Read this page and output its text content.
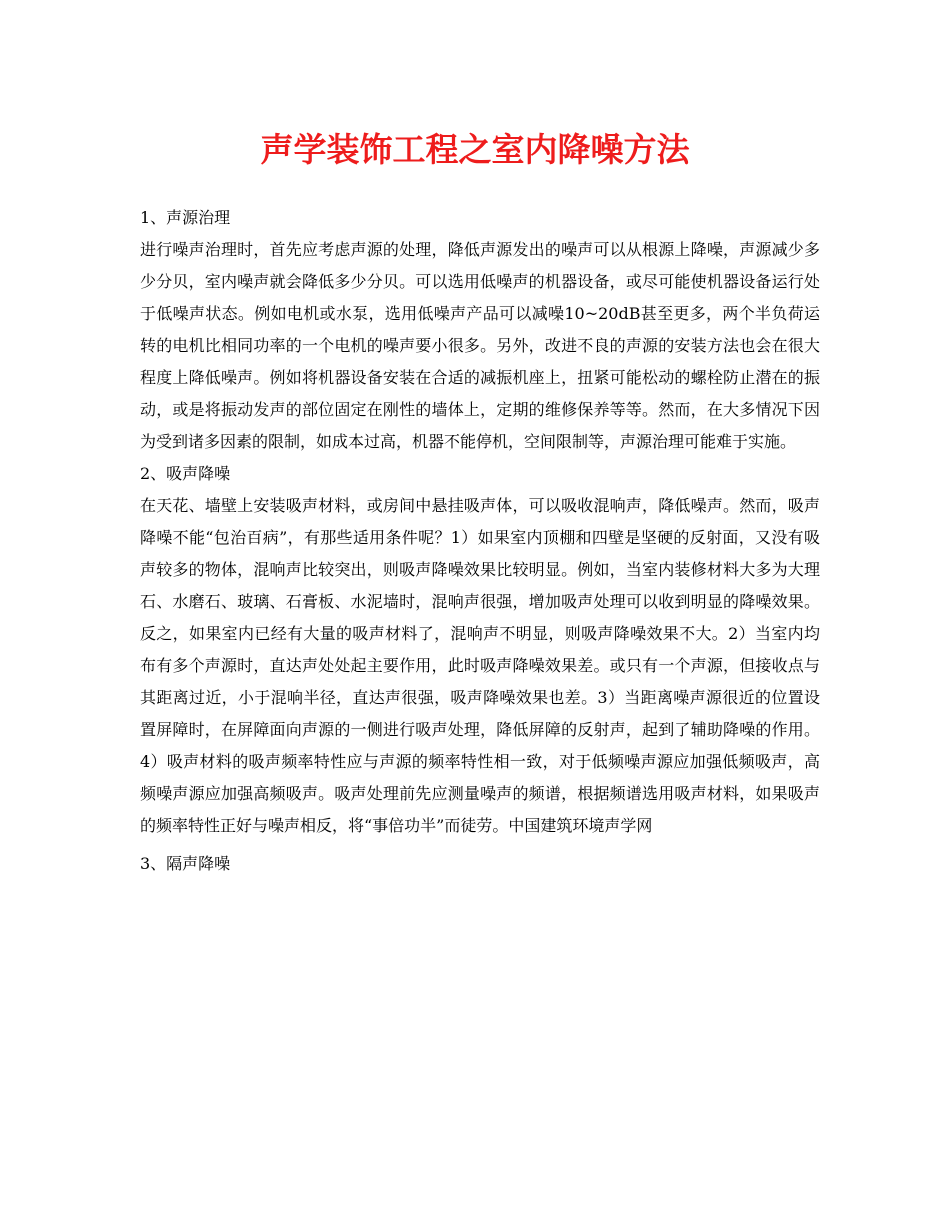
声学装饰工程之室内降噪方法

1、声源治理

进行噪声治理时，首先应考虑声源的处理，降低声源发出的噪声可以从根源上降噪，声源减少多少分贝，室内噪声就会降低多少分贝。可以选用低噪声的机器设备，或尽可能使机器设备运行处于低噪声状态。例如电机或水泵，选用低噪声产品可以减噪10~20dB甚至更多，两个半负荷运转的电机比相同功率的一个电机的噪声要小很多。另外，改进不良的声源的安装方法也会在很大程度上降低噪声。例如将机器设备安装在合适的减振机座上，扭紧可能松动的螺栓防止潜在的振动，或是将振动发声的部位固定在刚性的墙体上，定期的维修保养等等。然而，在大多情况下因为受到诸多因素的限制，如成本过高，机器不能停机，空间限制等，声源治理可能难于实施。

2、吸声降噪

在天花、墙壁上安装吸声材料，或房间中悬挂吸声体，可以吸收混响声，降低噪声。然而，吸声降噪不能“包治百病”，有那些适用条件呢？1）如果室内顶棚和四壁是坚硬的反射面，又没有吸声较多的物体，混响声比较突出，则吸声降噪效果比较明显。例如，当室内装修材料大多为大理石、水磨石、玻璃、石膏板、水泥墙时，混响声很强，增加吸声处理可以收到明显的降噪效果。反之，如果室内已经有大量的吸声材料了，混响声不明显，则吸声降噪效果不大。2）当室内均布有多个声源时，直达声处处起主要作用，此时吸声降噪效果差。或只有一个声源，但接收点与其距离过近，小于混响半径，直达声很强，吸声降噪效果也差。3）当距离噪声源很近的位置设置屏障时，在屏障面向声源的一侧进行吸声处理，降低屏障的反射声，起到了辅助降噪的作用。4）吸声材料的吸声频率特性应与声源的频率特性相一致，对于低频噪声源应加强低频吸声，高频噪声源应加强高频吸声。吸声处理前先应测量噪声的频谱，根据频谱选用吸声材料，如果吸声的频率特性正好与噪声相反，将“事倍功半”而徒劳。中国建筑环境声学网

3、隔声降噪
